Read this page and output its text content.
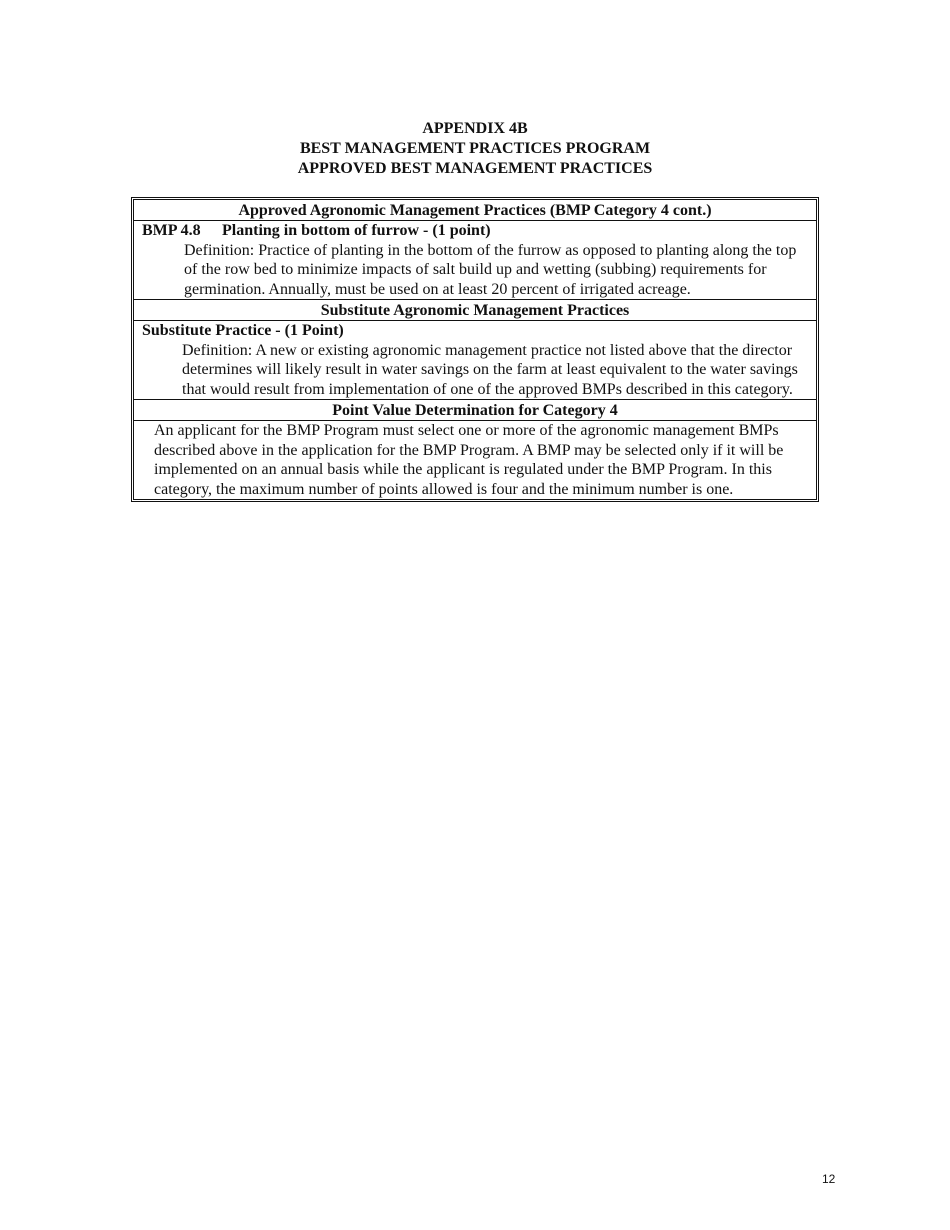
APPENDIX 4B
BEST MANAGEMENT PRACTICES PROGRAM
APPROVED BEST MANAGEMENT PRACTICES
Approved Agronomic Management Practices (BMP Category 4 cont.)
BMP 4.8 Planting in bottom of furrow - (1 point)
Definition: Practice of planting in the bottom of the furrow as opposed to planting along the top of the row bed to minimize impacts of salt build up and wetting (subbing) requirements for germination. Annually, must be used on at least 20 percent of irrigated acreage.
Substitute Agronomic Management Practices
Substitute Practice - (1 Point)
Definition: A new or existing agronomic management practice not listed above that the director determines will likely result in water savings on the farm at least equivalent to the water savings that would result from implementation of one of the approved BMPs described in this category.
Point Value Determination for Category 4
An applicant for the BMP Program must select one or more of the agronomic management BMPs described above in the application for the BMP Program. A BMP may be selected only if it will be implemented on an annual basis while the applicant is regulated under the BMP Program. In this category, the maximum number of points allowed is four and the minimum number is one.
12
